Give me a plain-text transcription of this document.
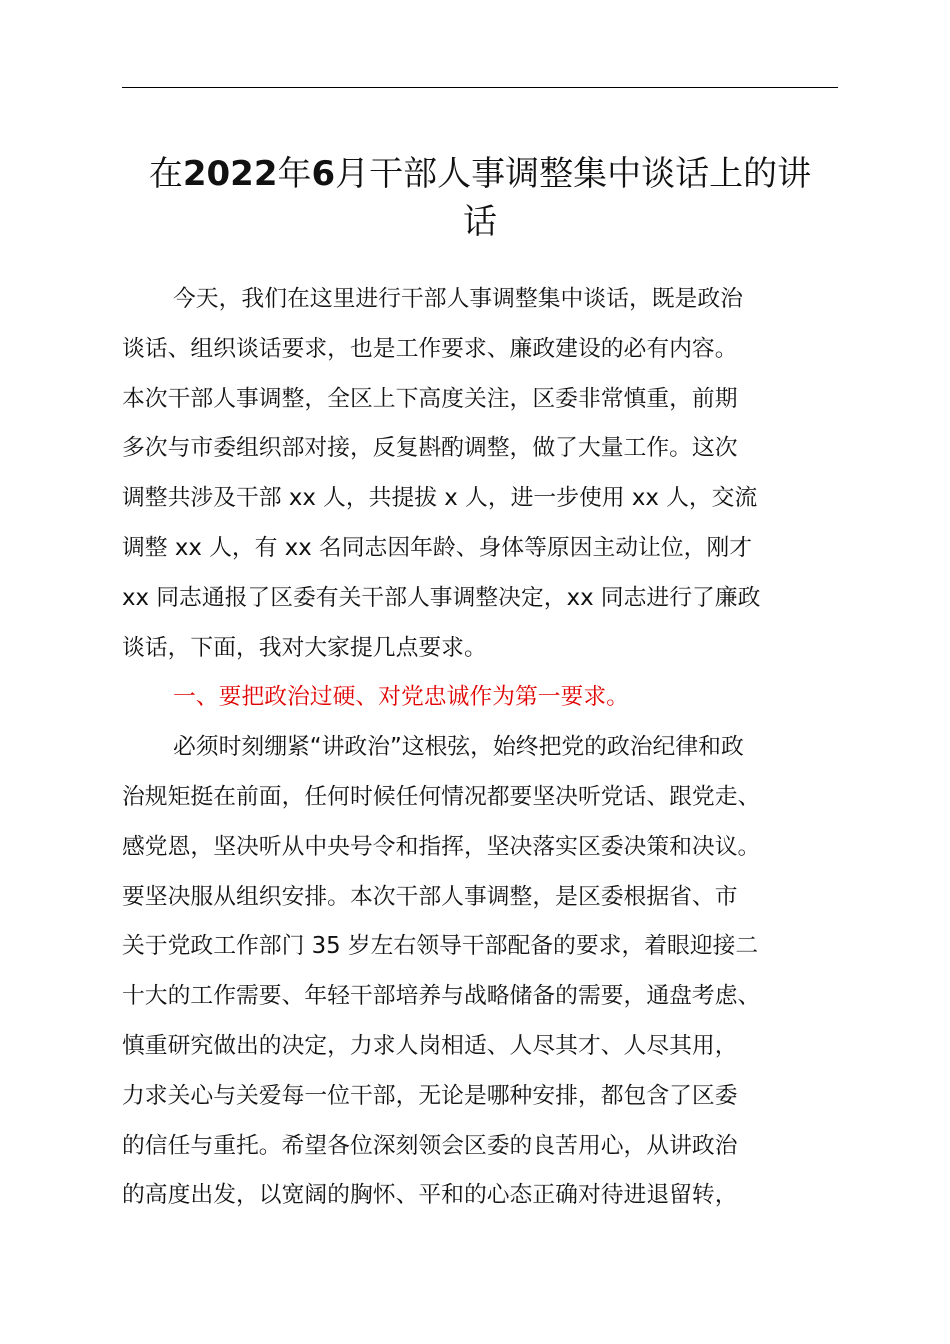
在2022年6月干部人事调整集中谈话上的讲
话

今天，我们在这里进行干部人事调整集中谈话，既是政治
谈话、组织谈话要求，也是工作要求、廉政建设的必有内容。
本次干部人事调整，全区上下高度关注，区委非常慎重，前期
多次与市委组织部对接，反复斟酌调整，做了大量工作。这次
调整共涉及干部 xx 人，共提拔 x 人，进一步使用 xx 人，交流
调整 xx 人，有 xx 名同志因年龄、身体等原因主动让位，刚才
xx 同志通报了区委有关干部人事调整决定，xx 同志进行了廉政
谈话，下面，我对大家提几点要求。

一、要把政治过硬、对党忠诚作为第一要求。

必须时刻绷紧“讲政治”这根弦，始终把党的政治纪律和政
治规矩挺在前面，任何时候任何情况都要坚决听党话、跟党走、
感党恩，坚决听从中央号令和指挥，坚决落实区委决策和决议。
要坚决服从组织安排。本次干部人事调整，是区委根据省、市
关于党政工作部门 35 岁左右领导干部配备的要求，着眼迎接二
十大的工作需要、年轻干部培养与战略储备的需要，通盘考虑、
慎重研究做出的决定，力求人岗相适、人尽其才、人尽其用，
力求关心与关爱每一位干部，无论是哪种安排，都包含了区委
的信任与重托。希望各位深刻领会区委的良苦用心，从讲政治
的高度出发，以宽阔的胸怀、平和的心态正确对待进退留转，
